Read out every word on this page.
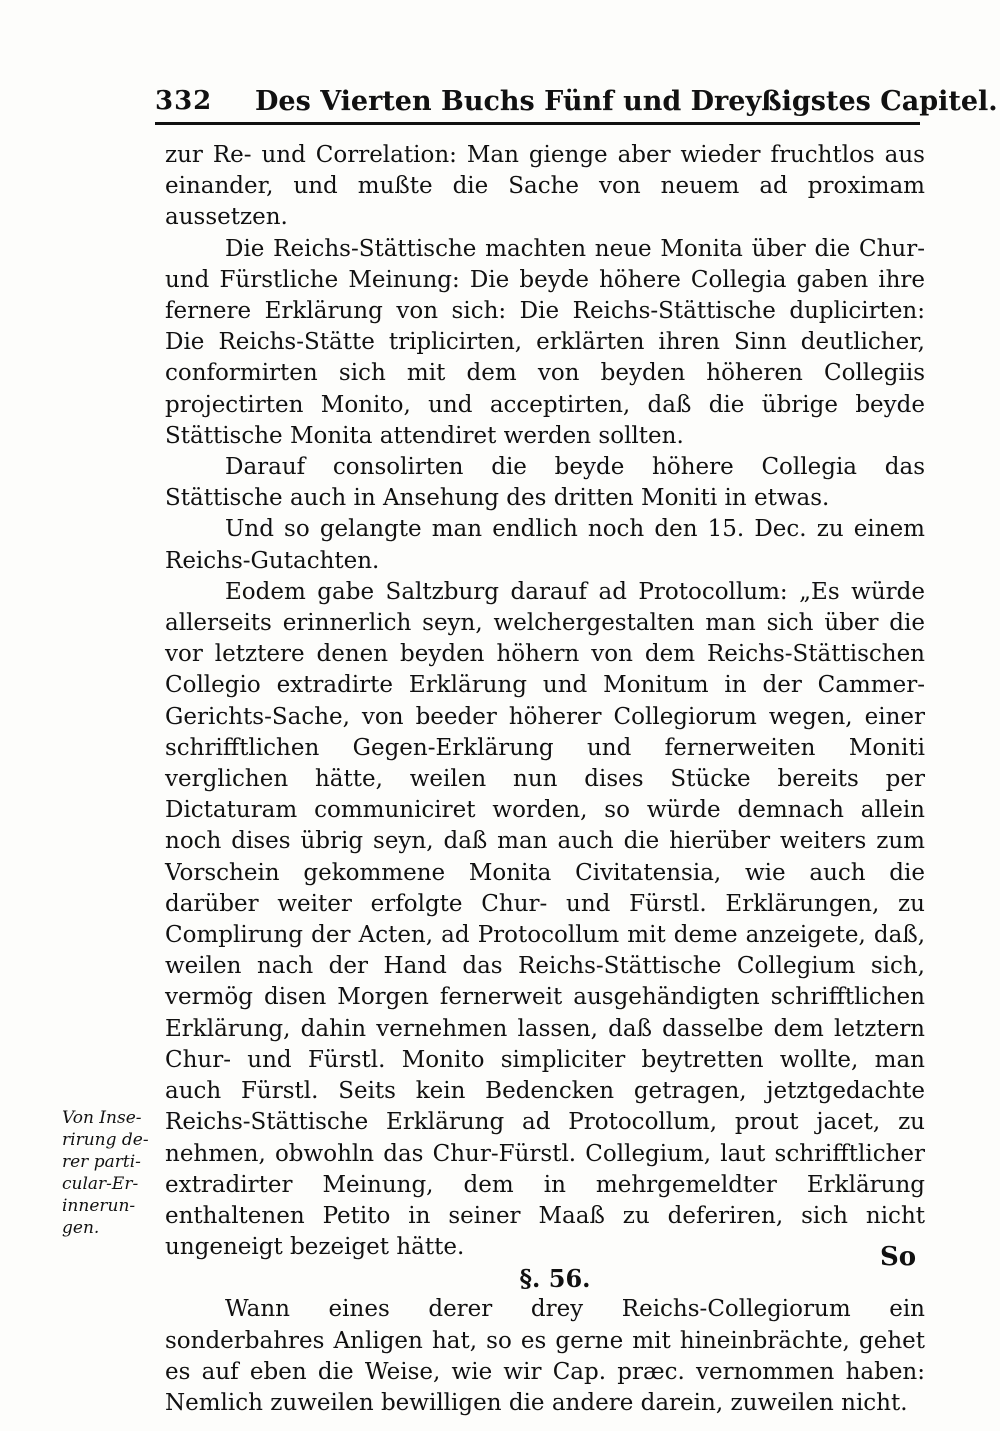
332 Des Vierten Buchs Fünf und Dreyßigstes Capitel.

zur Re- und Correlation: Man gienge aber wieder fruchtlos aus einander, und mußte die Sache von neuem ad proximam aussetzen.

Die Reichs-Stättische machten neue Monita über die Chur- und Fürstliche Meinung: Die beyde höhere Collegia gaben ihre fernere Erklärung von sich: Die Reichs-Stättische duplicirten: Die Reichs-Stätte triplicirten, erklärten ihren Sinn deutlicher, conformirten sich mit dem von beyden höheren Collegiis projectirten Monito, und acceptirten, daß die übrige beyde Stättische Monita attendiret werden sollten.

Darauf consolirten die beyde höhere Collegia das Stättische auch in Ansehung des dritten Moniti in etwas.

Und so gelangte man endlich noch den 15. Dec. zu einem Reichs-Gutachten.

Eodem gabe Saltzburg darauf ad Protocollum: „Es würde allerseits erinnerlich seyn, welchergestalten man sich über die vor letztere denen beyden höhern von dem Reichs-Stättischen Collegio extradirte Erklärung und Monitum in der Cammer-Gerichts-Sache, von beeder höherer Collegiorum wegen, einer schrifftlichen Gegen-Erklärung und fernerweiten Moniti verglichen hätte, weilen nun dises Stücke bereits per Dictaturam communiciret worden, so würde demnach allein noch dises übrig seyn, daß man auch die hierüber weiters zum Vorschein gekommene Monita Civitatensia, wie auch die darüber weiter erfolgte Chur- und Fürstl. Erklärungen, zu Complirung der Acten, ad Protocollum mit deme anzeigete, daß, weilen nach der Hand das Reichs-Stättische Collegium sich, vermög disen Morgen fernerweit ausgehändigten schrifftlichen Erklärung, dahin vernehmen lassen, daß dasselbe dem letztern Chur- und Fürstl. Monito simpliciter beytretten wollte, man auch Fürstl. Seits kein Bedencken getragen, jetztgedachte Reichs-Stättische Erklärung ad Protocollum, prout jacet, zu nehmen, obwohln das Chur-Fürstl. Collegium, laut schrifftlicher extradirter Meinung, dem in mehrgemeldter Erklärung enthaltenen Petito in seiner Maaß zu deferiren, sich nicht ungeneigt bezeiget hätte.

§. 56.

Wann eines derer drey Reichs-Collegiorum ein sonderbahres Anligen hat, so es gerne mit hineinbrächte, gehet es auf eben die Weise, wie wir Cap. præc. vernommen haben: Nemlich zuweilen bewilligen die andere darein, zuweilen nicht.

Von Inse-
rirung de-
rer parti-
cular-Er-
innerun-
gen.
So
